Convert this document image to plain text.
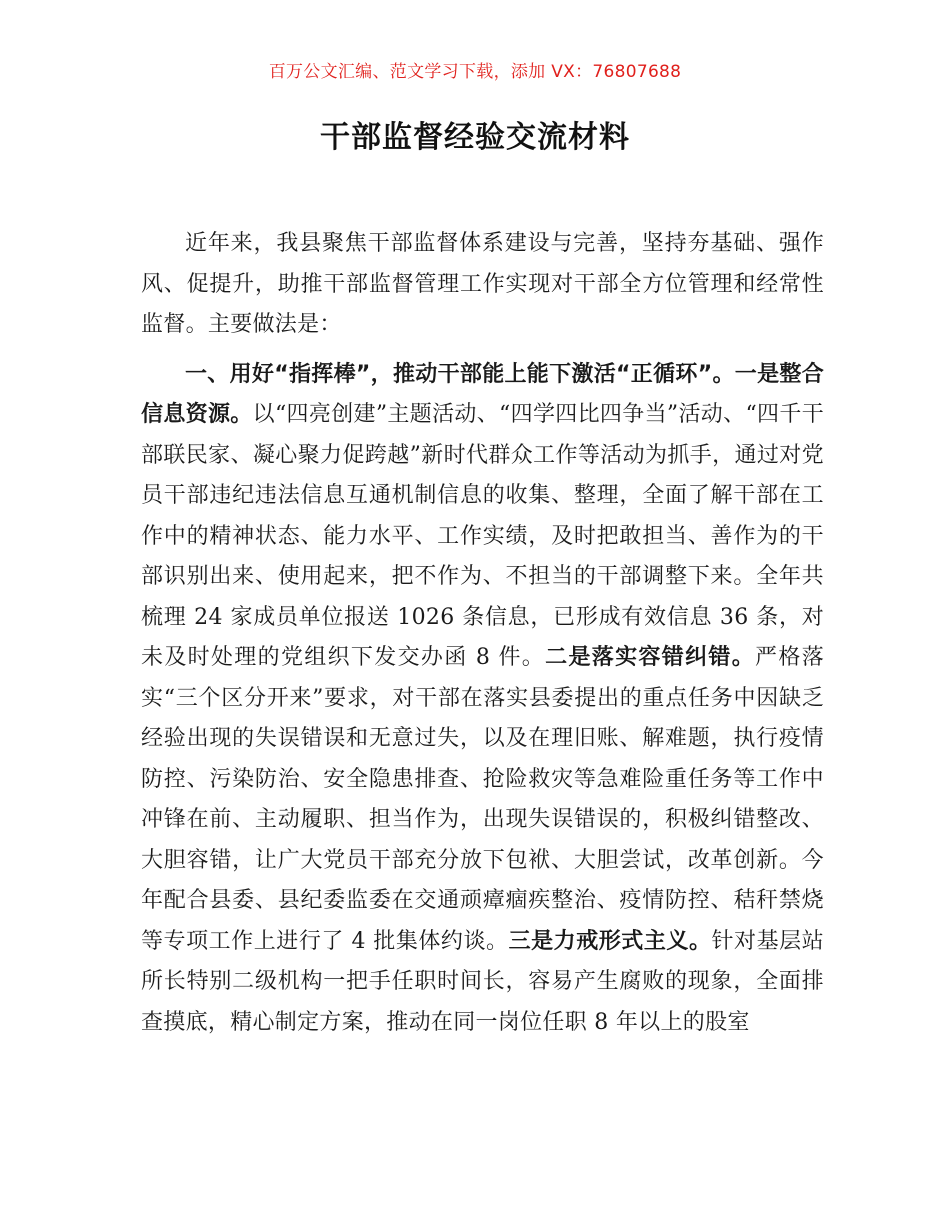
百万公文汇编、范文学习下载，添加 VX：76807688
干部监督经验交流材料

近年来，我县聚焦干部监督体系建设与完善，坚持夯基础、强作风、促提升，助推干部监督管理工作实现对干部全方位管理和经常性监督。主要做法是：

一、用好“指挥棒”，推动干部能上能下激活“正循环”。一是整合信息资源。以“四亮创建”主题活动、“四学四比四争当”活动、“四千干部联民家、凝心聚力促跨越”新时代群众工作等活动为抓手，通过对党员干部违纪违法信息互通机制信息的收集、整理，全面了解干部在工作中的精神状态、能力水平、工作实绩，及时把敢担当、善作为的干部识别出来、使用起来，把不作为、不担当的干部调整下来。全年共梳理 24 家成员单位报送 1026 条信息，已形成有效信息 36 条，对未及时处理的党组织下发交办函 8 件。二是落实容错纠错。严格落实“三个区分开来”要求，对干部在落实县委提出的重点任务中因缺乏经验出现的失误错误和无意过失，以及在理旧账、解难题，执行疫情防控、污染防治、安全隐患排查、抢险救灾等急难险重任务等工作中冲锋在前、主动履职、担当作为，出现失误错误的，积极纠错整改、大胆容错，让广大党员干部充分放下包袱、大胆尝试，改革创新。今年配合县委、县纪委监委在交通顽瘴痼疾整治、疫情防控、秸秆禁烧等专项工作上进行了 4 批集体约谈。三是力戒形式主义。针对基层站所长特别二级机构一把手任职时间长，容易产生腐败的现象，全面排查摸底，精心制定方案，推动在同一岗位任职 8 年以上的股室
